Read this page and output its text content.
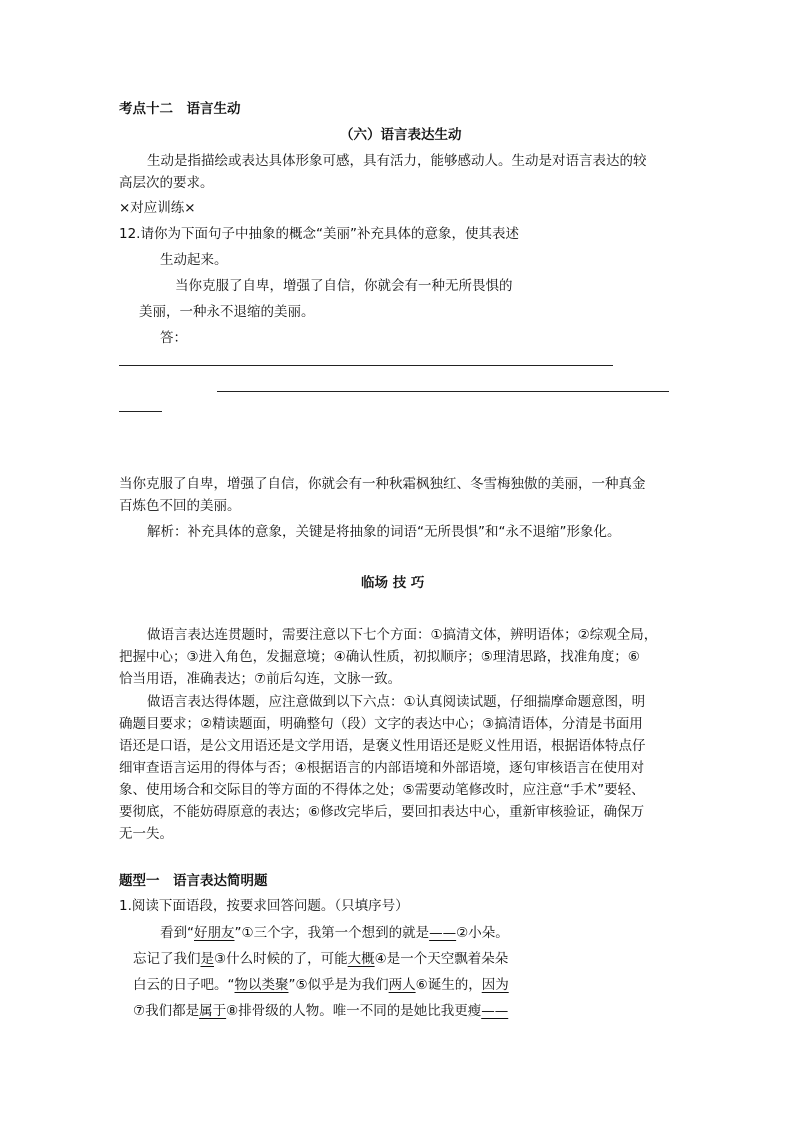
考点十二　语言生动
（六）语言表达生动
生动是指描绘或表达具体形象可感，具有活力，能够感动人。生动是对语言表达的较
高层次的要求。
×对应训练×
12.请你为下面句子中抽象的概念“美丽”补充具体的意象，使其表述
生动起来。
当你克服了自卑，增强了自信，你就会有一种无所畏惧的
美丽，一种永不退缩的美丽。
答：
当你克服了自卑，增强了自信，你就会有一种秋霜枫独红、冬雪梅独傲的美丽，一种真金
百炼色不回的美丽。
解析：补充具体的意象，关键是将抽象的词语“无所畏惧”和“永不退缩”形象化。
临场 技 巧
做语言表达连贯题时，需要注意以下七个方面：①搞清文体，辨明语体；②综观全局，
把握中心；③进入角色，发掘意境；④确认性质，初拟顺序；⑤理清思路，找准角度；⑥
恰当用语，准确表达；⑦前后勾连，文脉一致。
做语言表达得体题，应注意做到以下六点：①认真阅读试题，仔细揣摩命题意图，明
确题目要求；②精读题面，明确整句（段）文字的表达中心；③搞清语体，分清是书面用
语还是口语，是公文用语还是文学用语，是褒义性用语还是贬义性用语，根据语体特点仔
细审查语言运用的得体与否；④根据语言的内部语境和外部语境，逐句审核语言在使用对
象、使用场合和交际目的等方面的不得体之处；⑤需要动笔修改时，应注意“手术”要轻、
要彻底，不能妨碍原意的表达；⑥修改完毕后，要回扣表达中心，重新审核验证，确保万
无一失。
题型一　语言表达简明题
1.阅读下面语段，按要求回答问题。（只填序号）
看到“好朋友”①三个字，我第一个想到的就是——②小朵。
忘记了我们是③什么时候的了，可能大概④是一个天空飘着朵朵
白云的日子吧。“物以类聚”⑤似乎是为我们两人⑥诞生的，因为
⑦我们都是属于⑧排骨级的人物。唯一不同的是她比我更瘦——
